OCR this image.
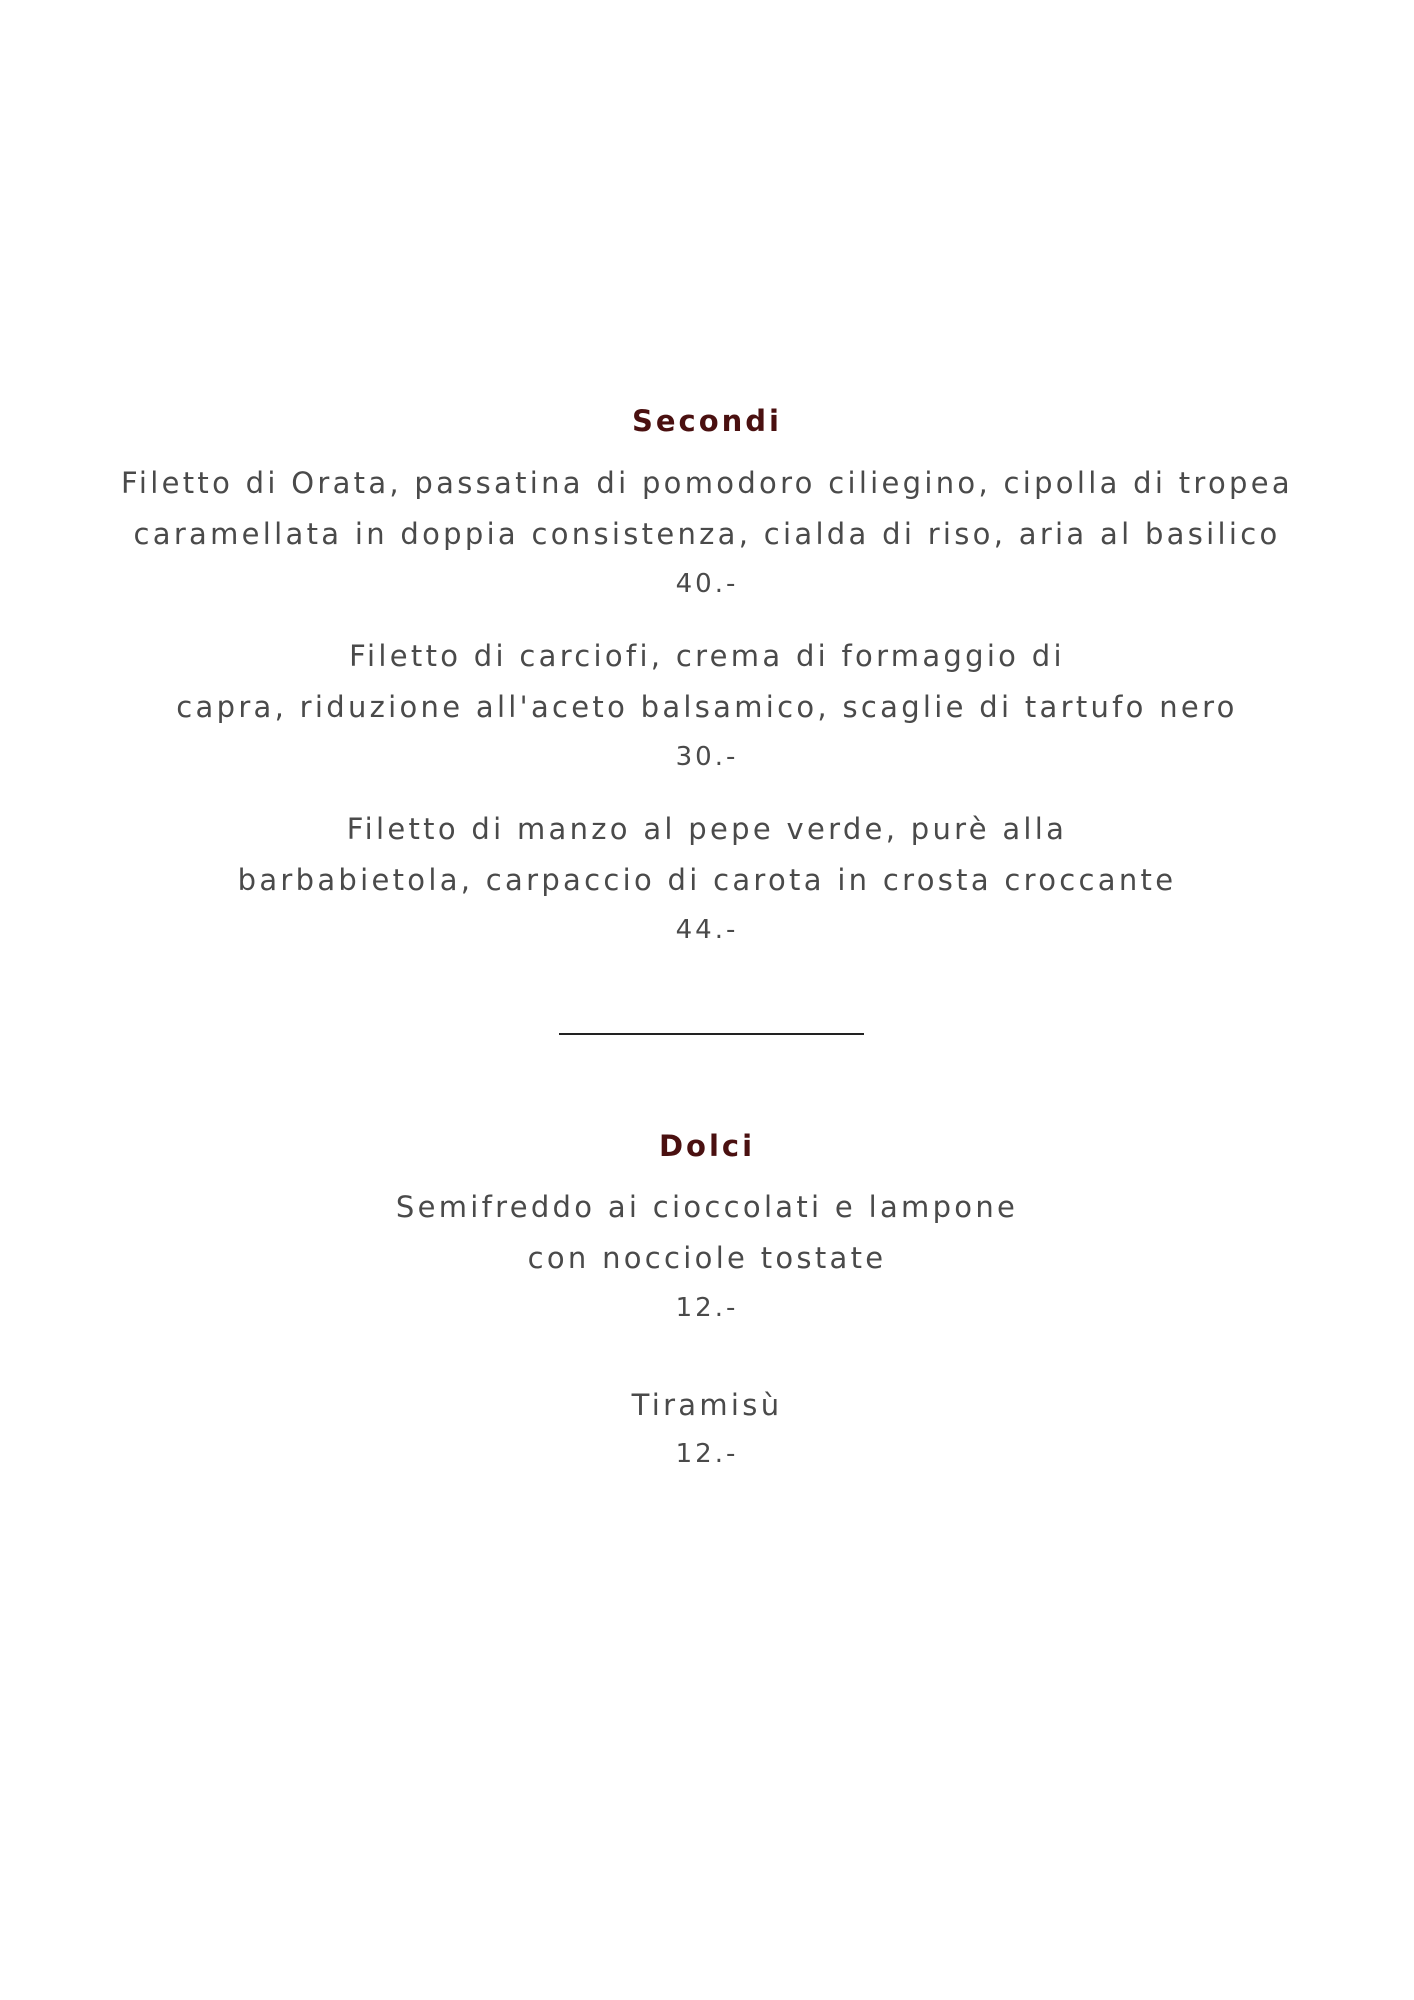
Secondi
Filetto di Orata, passatina di pomodoro ciliegino, cipolla di tropea
caramellata in doppia consistenza, cialda di riso, aria al basilico
40.-
Filetto di carciofi, crema di formaggio di
capra, riduzione all'aceto balsamico, scaglie di tartufo nero
30.-
Filetto di manzo al pepe verde, purè alla
barbabietola, carpaccio di carota in crosta croccante
44.-
Dolci
Semifreddo ai cioccolati e lampone
con nocciole tostate
12.-
Tiramisù
12.-
